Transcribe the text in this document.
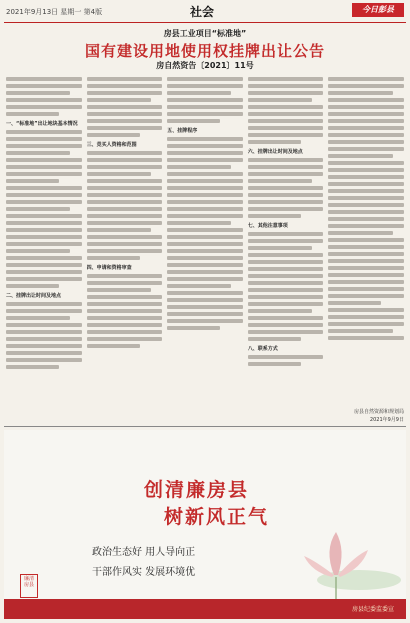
2021年9月13日 星期一 第4版	社会	今日彭县
房县工业项目“标准地”
国有建设用地使用权挂牌出让公告
房自然资告〔2021〕11号
一、“标准地”出让地块基本情况
二、挂牌出让时间及地点
三、竞买人资格和范围
四、申请和资格审查
五、挂牌程序
六、挂牌出让时间及地点
七、其他注意事项
八、联系方式
房县自然资源和规划局
2021年9月9日
创清廉房县
树新风正气
政治生态好 用人导向正
干部作风实 发展环境优
廉清 房县
房县纪委监委宣
